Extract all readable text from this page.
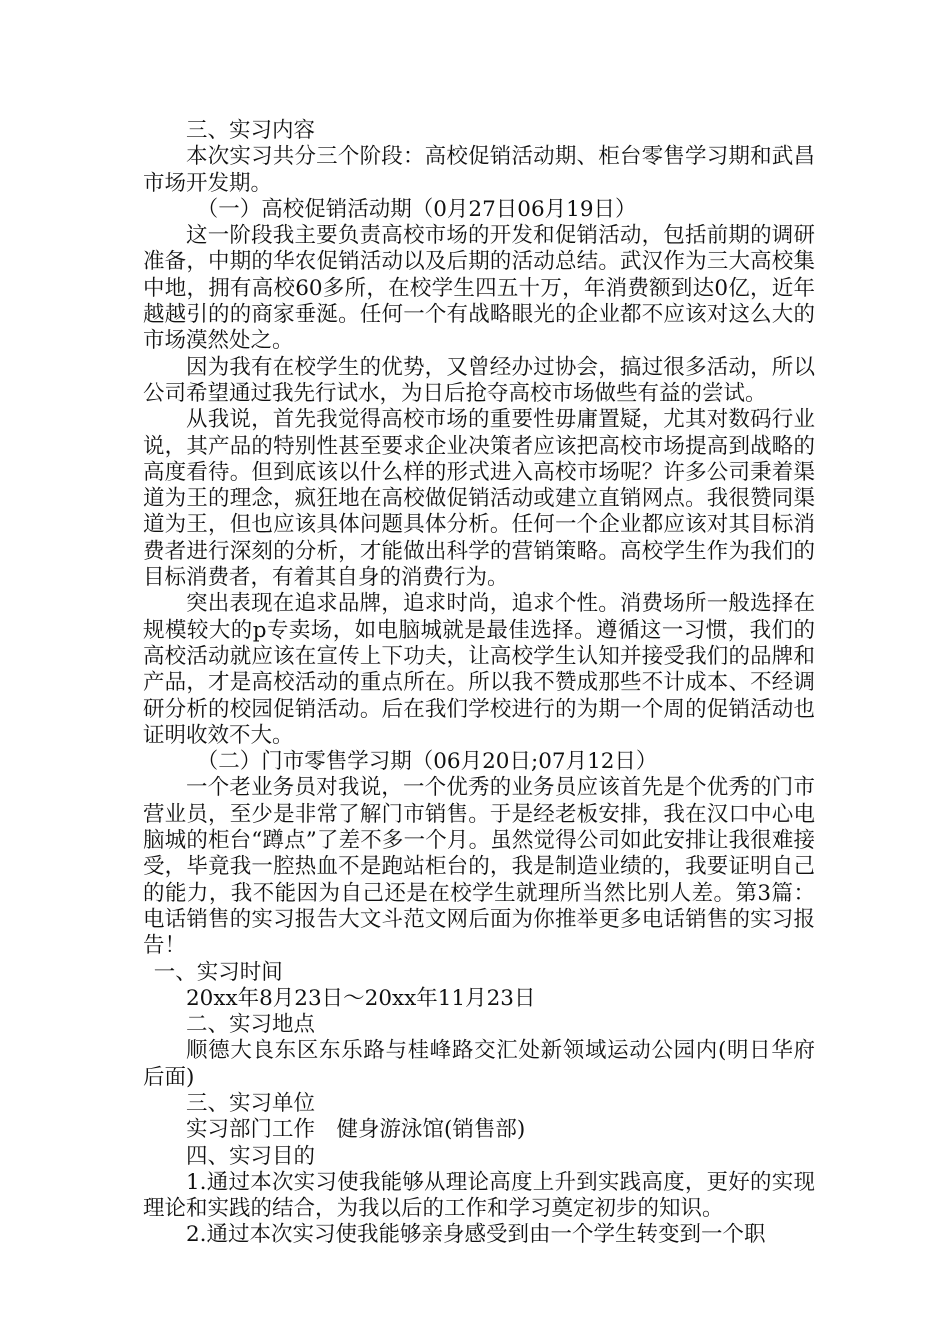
三、实习内容

本次实习共分三个阶段：高校促销活动期、柜台零售学习期和武昌市场开发期。

（一）高校促销活动期（0月27日06月19日）

这一阶段我主要负责高校市场的开发和促销活动，包括前期的调研准备，中期的华农促销活动以及后期的活动总结。武汉作为三大高校集中地，拥有高校60多所，在校学生四五十万，年消费额到达0亿，近年越越引的的商家垂涎。任何一个有战略眼光的企业都不应该对这么大的市场漠然处之。

因为我有在校学生的优势，又曾经办过协会，搞过很多活动，所以公司希望通过我先行试水，为日后抢夺高校市场做些有益的尝试。

从我说，首先我觉得高校市场的重要性毋庸置疑，尤其对数码行业说，其产品的特别性甚至要求企业决策者应该把高校市场提高到战略的高度看待。但到底该以什么样的形式进入高校市场呢？许多公司秉着渠道为王的理念，疯狂地在高校做促销活动或建立直销网点。我很赞同渠道为王，但也应该具体问题具体分析。任何一个企业都应该对其目标消费者进行深刻的分析，才能做出科学的营销策略。高校学生作为我们的目标消费者，有着其自身的消费行为。

突出表现在追求品牌，追求时尚，追求个性。消费场所一般选择在规模较大的p专卖场，如电脑城就是最佳选择。遵循这一习惯，我们的高校活动就应该在宣传上下功夫，让高校学生认知并接受我们的品牌和产品，才是高校活动的重点所在。所以我不赞成那些不计成本、不经调研分析的校园促销活动。后在我们学校进行的为期一个周的促销活动也证明收效不大。

（二）门市零售学习期（06月20日;07月12日）

一个老业务员对我说，一个优秀的业务员应该首先是个优秀的门市营业员，至少是非常了解门市销售。于是经老板安排，我在汉口中心电脑城的柜台“蹲点”了差不多一个月。虽然觉得公司如此安排让我很难接受，毕竟我一腔热血不是跑站柜台的，我是制造业绩的，我要证明自己的能力，我不能因为自己还是在校学生就理所当然比别人差。第3篇：电话销售的实习报告大文斗范文网后面为你推举更多电话销售的实习报告！

一、实习时间

20xx年8月23日～20xx年11月23日

二、实习地点

顺德大良东区东乐路与桂峰路交汇处新领域运动公园内(明日华府后面)

三、实习单位

实习部门工作　健身游泳馆(销售部)

四、实习目的

1.通过本次实习使我能够从理论高度上升到实践高度，更好的实现理论和实践的结合，为我以后的工作和学习奠定初步的知识。

2.通过本次实习使我能够亲身感受到由一个学生转变到一个职
